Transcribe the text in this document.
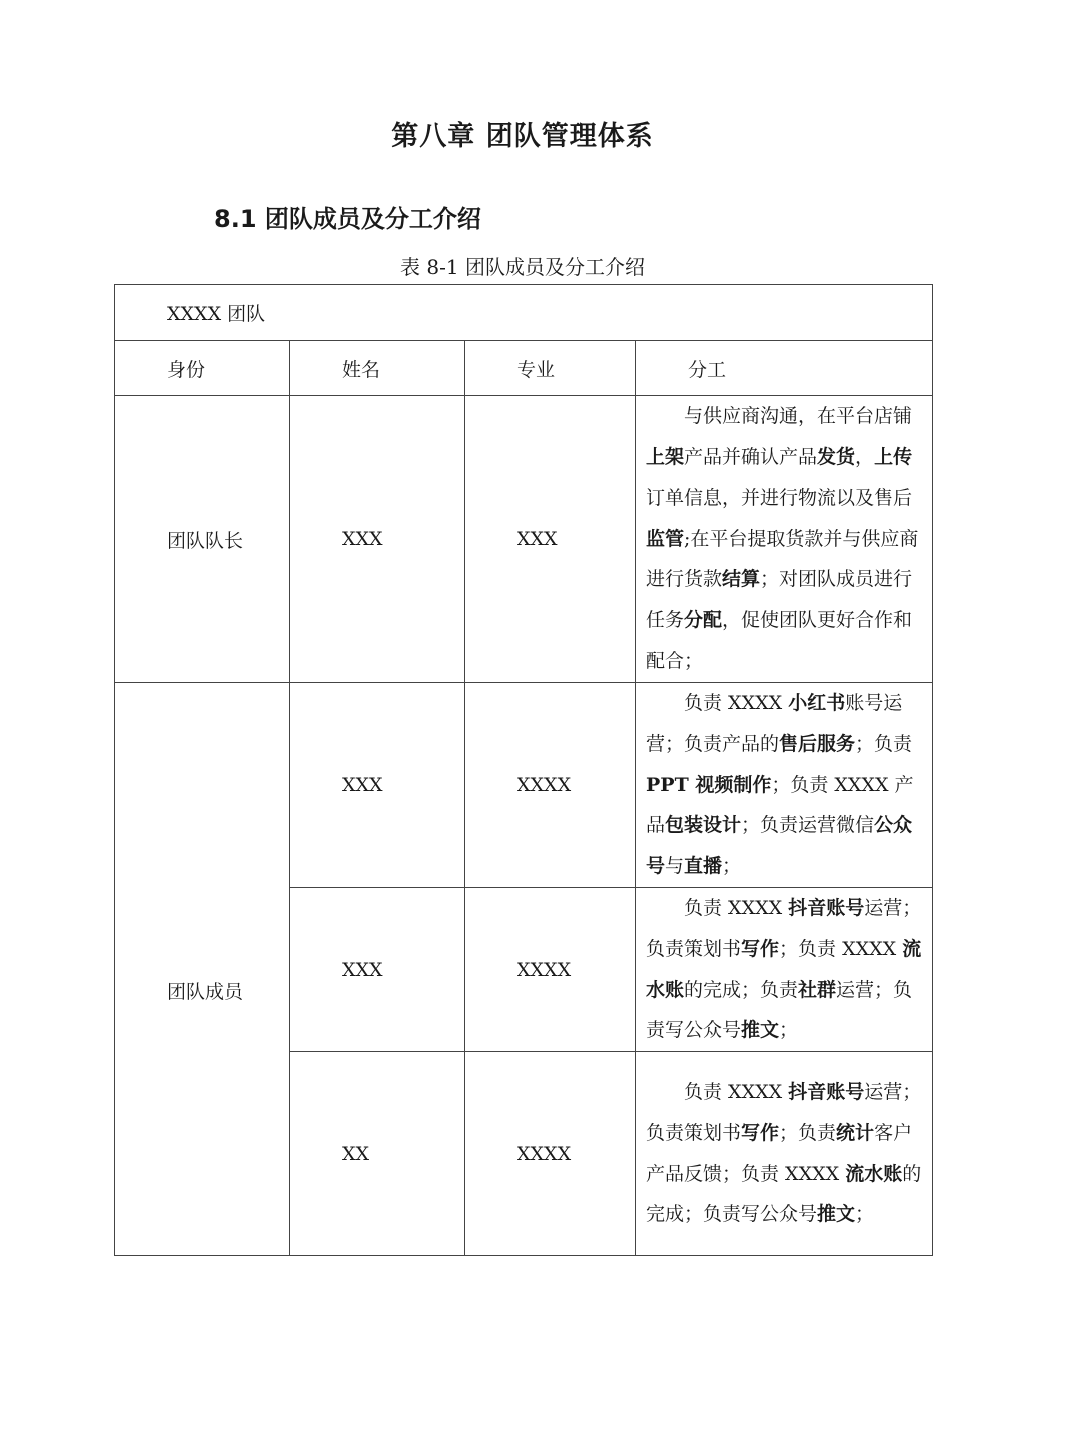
第八章 团队管理体系
8.1 团队成员及分工介绍
表 8-1 团队成员及分工介绍
XXXX 团队			
身份	姓名	专业	分工
团队队长	XXX	XXX	与供应商沟通，在平台店铺上架产品并确认产品发货，上传订单信息，并进行物流以及售后监管;在平台提取货款并与供应商进行货款结算；对团队成员进行任务分配，促使团队更好合作和配合；
团队成员	XXX	XXXX	负责 XXXX 小红书账号运营；负责产品的售后服务；负责 PPT 视频制作；负责 XXXX 产品包装设计；负责运营微信公众号与直播；
	XXX	XXXX	负责 XXXX 抖音账号运营；负责策划书写作；负责 XXXX 流水账的完成；负责社群运营；负责写公众号推文；
	XX	XXXX	负责 XXXX 抖音账号运营；负责策划书写作；负责统计客户产品反馈；负责 XXXX 流水账的完成；负责写公众号推文；
